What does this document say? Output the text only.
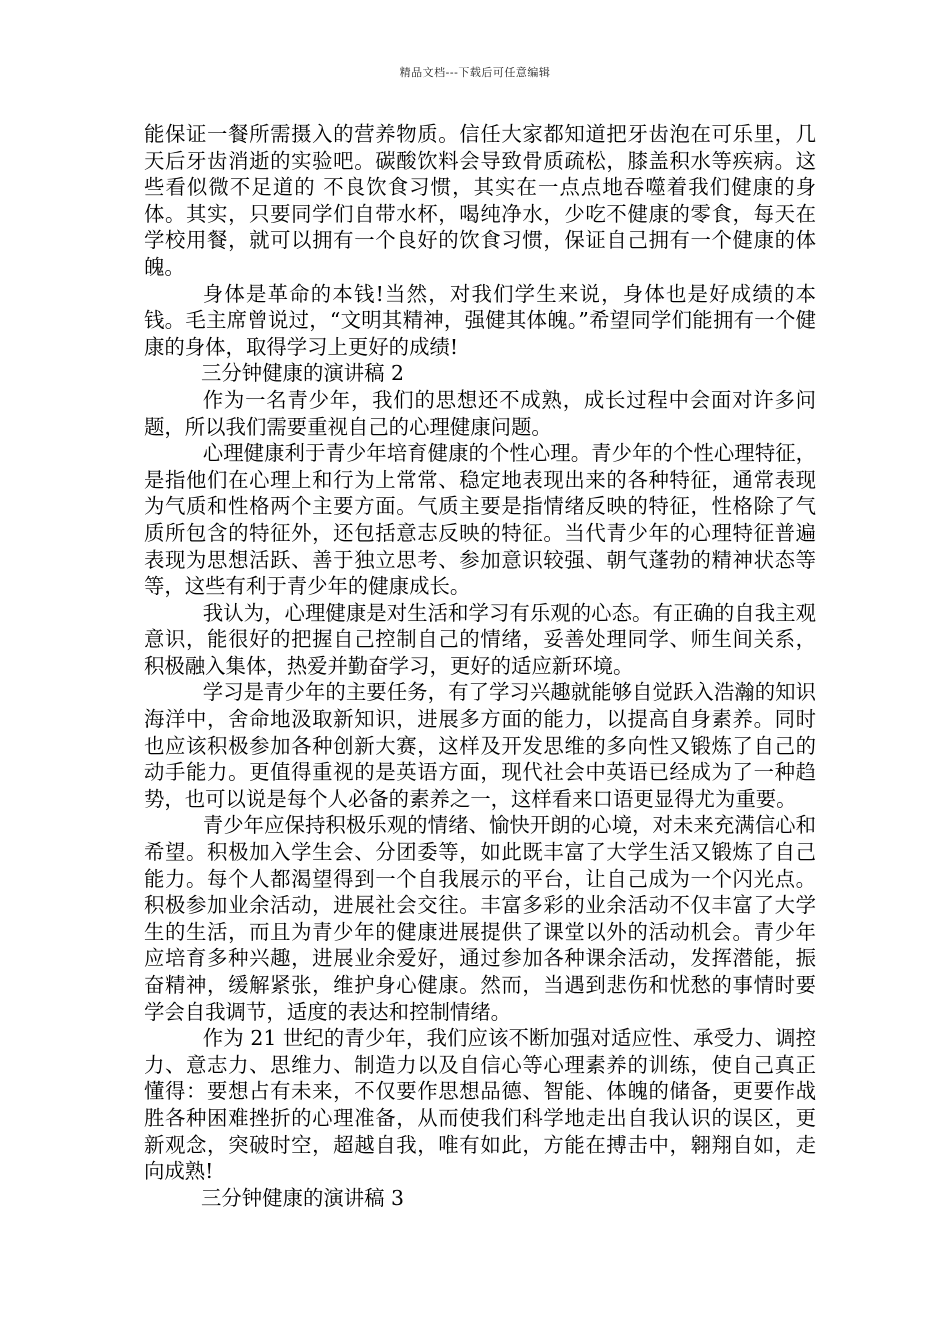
精品文档---下载后可任意编辑

能保证一餐所需摄入的营养物质。信任大家都知道把牙齿泡在可乐里，几天后牙齿消逝的实验吧。碳酸饮料会导致骨质疏松，膝盖积水等疾病。这些看似微不足道的 不良饮食习惯，其实在一点点地吞噬着我们健康的身体。其实，只要同学们自带水杯，喝纯净水，少吃不健康的零食，每天在学校用餐，就可以拥有一个良好的饮食习惯，保证自己拥有一个健康的体魄。

身体是革命的本钱!当然，对我们学生来说，身体也是好成绩的本钱。毛主席曾说过，“文明其精神，强健其体魄。”希望同学们能拥有一个健康的身体，取得学习上更好的成绩!

三分钟健康的演讲稿 2

作为一名青少年，我们的思想还不成熟，成长过程中会面对许多问题，所以我们需要重视自己的心理健康问题。

心理健康利于青少年培育健康的个性心理。青少年的个性心理特征，是指他们在心理上和行为上常常、稳定地表现出来的各种特征，通常表现为气质和性格两个主要方面。气质主要是指情绪反映的特征，性格除了气质所包含的特征外，还包括意志反映的特征。当代青少年的心理特征普遍表现为思想活跃、善于独立思考、参加意识较强、朝气蓬勃的精神状态等等，这些有利于青少年的健康成长。

我认为，心理健康是对生活和学习有乐观的心态。有正确的自我主观意识，能很好的把握自己控制自己的情绪，妥善处理同学、师生间关系，积极融入集体，热爱并勤奋学习，更好的适应新环境。

学习是青少年的主要任务，有了学习兴趣就能够自觉跃入浩瀚的知识海洋中，舍命地汲取新知识，进展多方面的能力，以提高自身素养。同时也应该积极参加各种创新大赛，这样及开发思维的多向性又锻炼了自己的动手能力。更值得重视的是英语方面，现代社会中英语已经成为了一种趋势，也可以说是每个人必备的素养之一，这样看来口语更显得尤为重要。

青少年应保持积极乐观的情绪、愉快开朗的心境，对未来充满信心和希望。积极加入学生会、分团委等，如此既丰富了大学生活又锻炼了自己能力。每个人都渴望得到一个自我展示的平台，让自己成为一个闪光点。积极参加业余活动，进展社会交往。丰富多彩的业余活动不仅丰富了大学生的生活，而且为青少年的健康进展提供了课堂以外的活动机会。青少年应培育多种兴趣，进展业余爱好，通过参加各种课余活动，发挥潜能，振奋精神，缓解紧张，维护身心健康。然而，当遇到悲伤和忧愁的事情时要学会自我调节，适度的表达和控制情绪。

作为 21 世纪的青少年，我们应该不断加强对适应性、承受力、调控力、意志力、思维力、制造力以及自信心等心理素养的训练，使自己真正懂得：要想占有未来，不仅要作思想品德、智能、体魄的储备，更要作战胜各种困难挫折的心理准备，从而使我们科学地走出自我认识的误区，更新观念，突破时空，超越自我，唯有如此，方能在搏击中，翱翔自如，走向成熟!

三分钟健康的演讲稿 3
